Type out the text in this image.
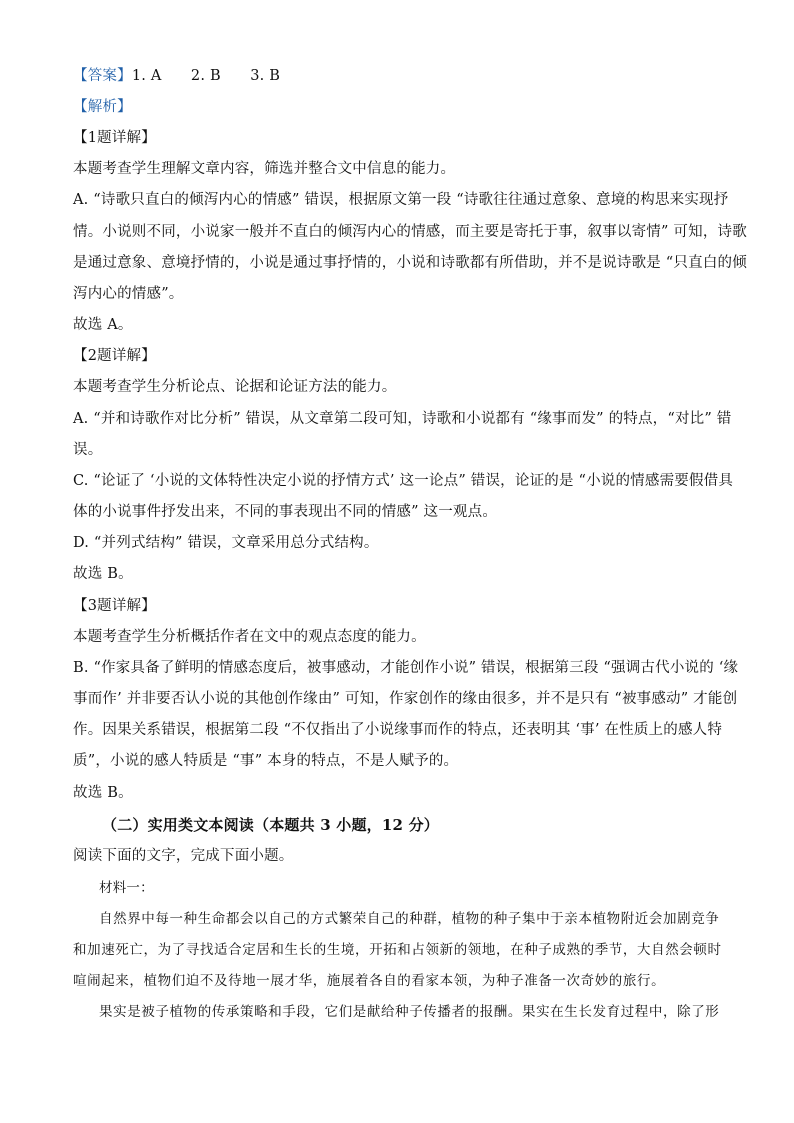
【答案】1. A　　2. B　　3. B
【解析】
【1题详解】
本题考查学生理解文章内容，筛选并整合文中信息的能力。
A. “诗歌只直白的倾泻内心的情感” 错误，根据原文第一段 “诗歌往往通过意象、意境的构思来实现抒
情。小说则不同，小说家一般并不直白的倾泻内心的情感，而主要是寄托于事，叙事以寄情” 可知，诗歌
是通过意象、意境抒情的，小说是通过事抒情的，小说和诗歌都有所借助，并不是说诗歌是 “只直白的倾
泻内心的情感”。
故选 A。
【2题详解】
本题考查学生分析论点、论据和论证方法的能力。
A. “并和诗歌作对比分析” 错误，从文章第二段可知，诗歌和小说都有 “缘事而发” 的特点，“对比” 错
误。
C. “论证了 ‘小说的文体特性决定小说的抒情方式’ 这一论点” 错误，论证的是 “小说的情感需要假借具
体的小说事件抒发出来，不同的事表现出不同的情感” 这一观点。
D. “并列式结构” 错误，文章采用总分式结构。
故选 B。
【3题详解】
本题考查学生分析概括作者在文中的观点态度的能力。
B. “作家具备了鲜明的情感态度后，被事感动，才能创作小说” 错误，根据第三段 “强调古代小说的 ‘缘
事而作’ 并非要否认小说的其他创作缘由” 可知，作家创作的缘由很多，并不是只有 “被事感动” 才能创
作。因果关系错误，根据第二段 “不仅指出了小说缘事而作的特点，还表明其 ‘事’ 在性质上的感人特
质”，小说的感人特质是 “事” 本身的特点，不是人赋予的。
故选 B。
（二）实用类文本阅读（本题共 3 小题，12 分）
阅读下面的文字，完成下面小题。
材料一：
自然界中每一种生命都会以自己的方式繁荣自己的种群，植物的种子集中于亲本植物附近会加剧竞争
和加速死亡，为了寻找适合定居和生长的生境，开拓和占领新的领地，在种子成熟的季节，大自然会顿时
喧闹起来，植物们迫不及待地一展才华，施展着各自的看家本领，为种子准备一次奇妙的旅行。
果实是被子植物的传承策略和手段，它们是献给种子传播者的报酬。果实在生长发育过程中，除了形
